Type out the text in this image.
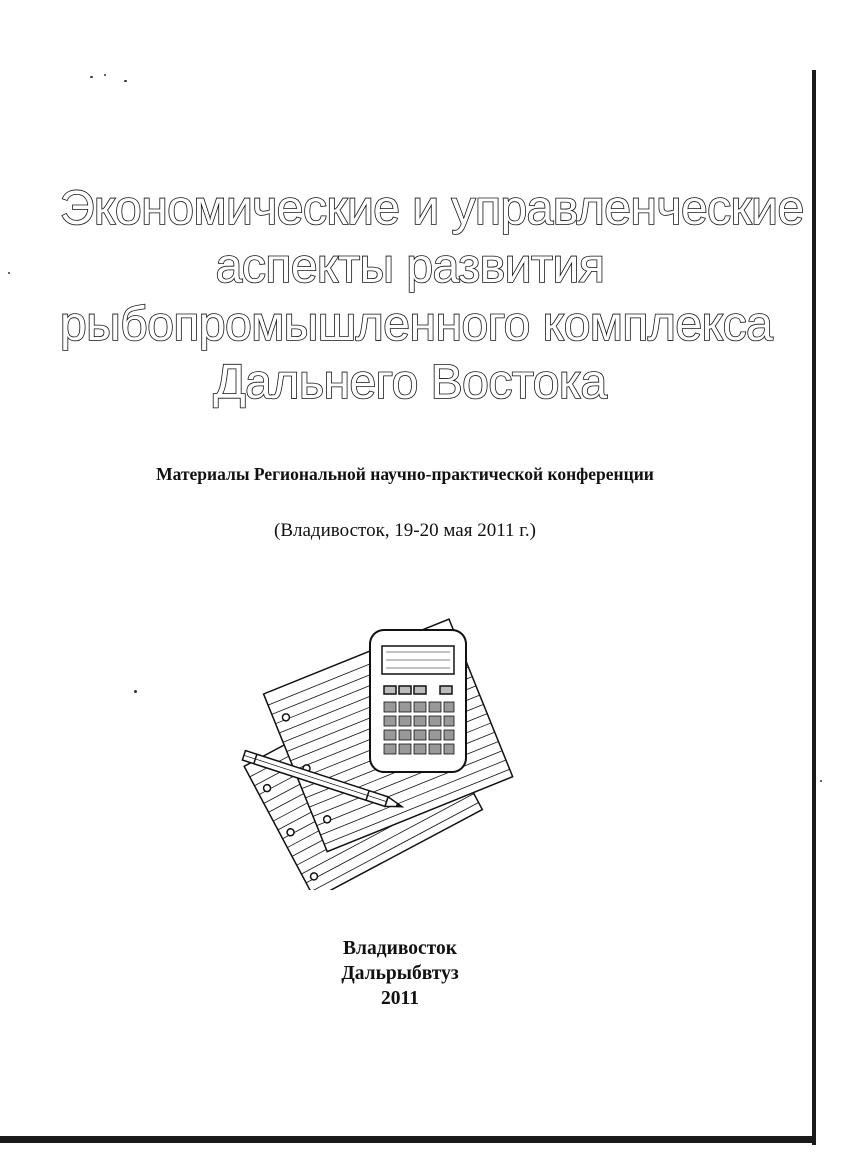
Экономические и управленческие
аспекты развития
рыбопромышленного комплекса
Дальнего Востока
Материалы Региональной научно-практической конференции
(Владивосток, 19-20 мая 2011 г.)
Владивосток
Дальрыбвтуз
2011
